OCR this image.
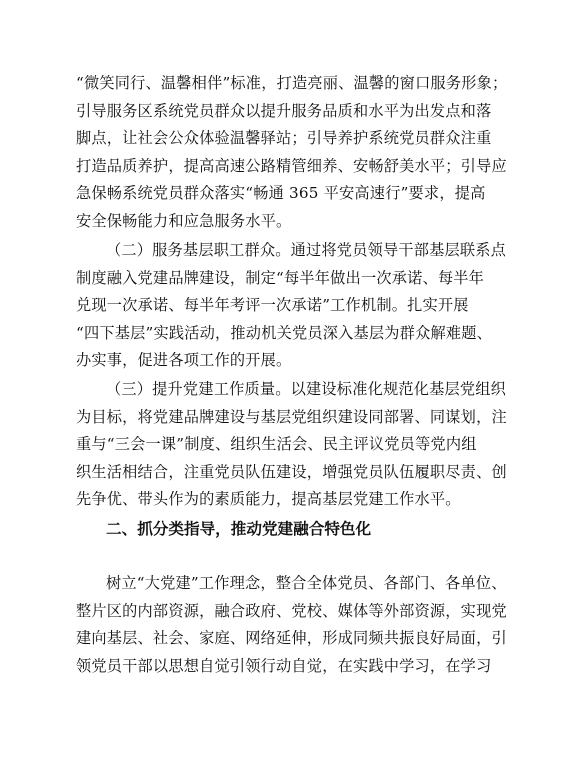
“微笑同行、温馨相伴”标准，打造亮丽、温馨的窗口服务形象；
引导服务区系统党员群众以提升服务品质和水平为出发点和落
脚点，让社会公众体验温馨驿站；引导养护系统党员群众注重
打造品质养护，提高高速公路精管细养、安畅舒美水平；引导应
急保畅系统党员群众落实“畅通 365 平安高速行”要求，提高
安全保畅能力和应急服务水平。
（二）服务基层职工群众。通过将党员领导干部基层联系点
制度融入党建品牌建设，制定“每半年做出一次承诺、每半年
兑现一次承诺、每半年考评一次承诺”工作机制。扎实开展
“四下基层”实践活动，推动机关党员深入基层为群众解难题、
办实事，促进各项工作的开展。
（三）提升党建工作质量。以建设标准化规范化基层党组织
为目标，将党建品牌建设与基层党组织建设同部署、同谋划，注
重与“三会一课”制度、组织生活会、民主评议党员等党内组
织生活相结合，注重党员队伍建设，增强党员队伍履职尽责、创
先争优、带头作为的素质能力，提高基层党建工作水平。
二、抓分类指导，推动党建融合特色化
树立“大党建”工作理念，整合全体党员、各部门、各单位、
整片区的内部资源，融合政府、党校、媒体等外部资源，实现党
建向基层、社会、家庭、网络延伸，形成同频共振良好局面，引
领党员干部以思想自觉引领行动自觉，在实践中学习，在学习
